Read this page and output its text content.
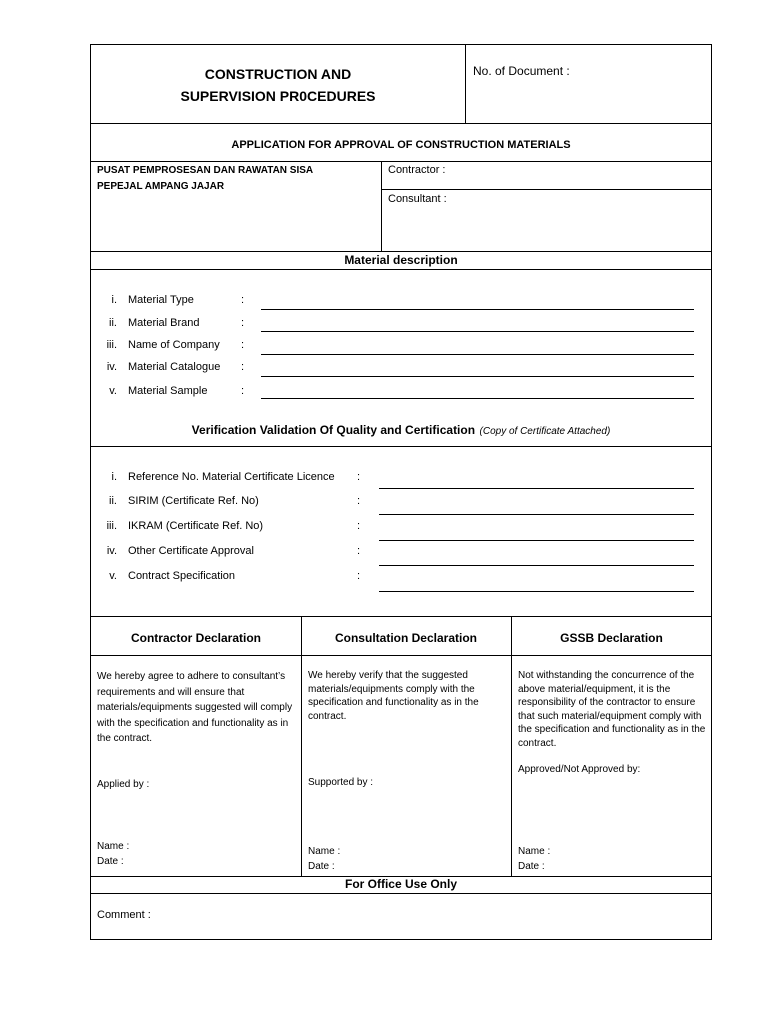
CONSTRUCTION AND
SUPERVISION PR0CEDURES
No. of Document :
APPLICATION FOR APPROVAL OF CONSTRUCTION MATERIALS
PUSAT PEMPROSESAN DAN RAWATAN SISA
PEPEJAL AMPANG JAJAR
Contractor :
Consultant :
Material description
i. Material Type	:
ii. Material Brand	:
iii. Name of Company :
iv. Material Catalogue :
v. Material Sample	:
Verification Validation Of Quality and Certification (Copy of Certificate Attached)
i. Reference No. Material Certificate Licence :
ii. SIRIM (Certificate Ref. No)	:
iii. IKRAM (Certificate Ref. No)	:
iv. Other Certificate Approval	:
v. Contract Specification	:
Contractor Declaration	Consultation Declaration	GSSB Declaration
We hereby agree to adhere to consultant’s requirements and will ensure that materials/equipments suggested will comply with the specification and functionality as in the contract.
Applied by :
Name :
Date :
We hereby verify that the suggested materials/equipments comply with the specification and functionality as in the contract.
Supported by :
Name :
Date :
Not withstanding the concurrence of the above material/equipment, it is the responsibility of the contractor to ensure that such material/equipment comply with the specification and functionality as in the contract.
Approved/Not Approved by:
Name :
Date :
For Office Use Only
Comment :
